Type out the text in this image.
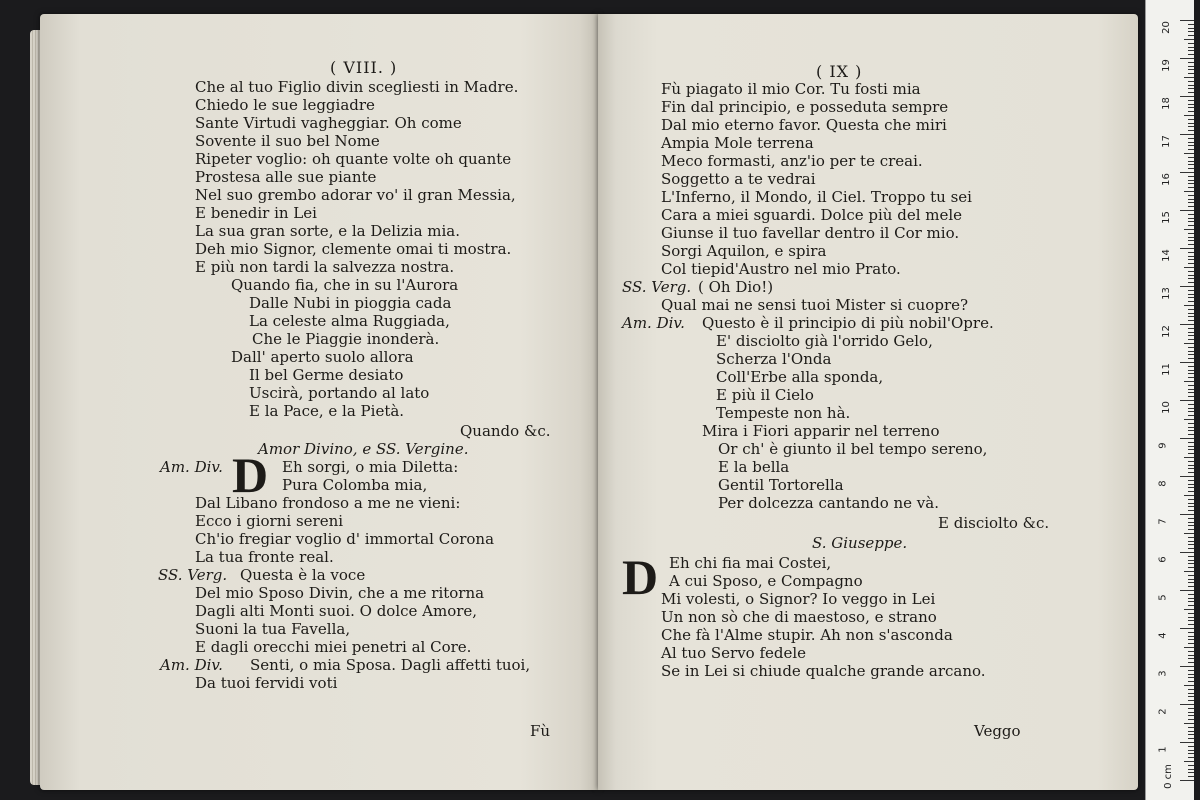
( VIII. )
Che al tuo Figlio divin scegliesti in Madre.
Chiedo le sue leggiadre
Sante Virtudi vagheggiar. Oh come
Sovente il suo bel Nome
Ripeter voglio: oh quante volte oh quante
Prostesa alle sue piante
Nel suo grembo adorar vo' il gran Messia,
E benedir in Lei
La sua gran sorte, e la Delizia mia.
Deh mio Signor, clemente omai ti mostra.
E più non tardi la salvezza nostra.
Quando fia, che in su l'Aurora
Dalle Nubi in pioggia cada
La celeste alma Ruggiada,
Che le Piaggie inonderà.
Dall' aperto suolo allora
Il bel Germe desiato
Uscirà, portando al lato
E la Pace, e la Pietà.
Quando &c.
Amor Divino, e SS. Vergine.
Am. Div. D Eh sorgi, o mia Diletta:
Pura Colomba mia,
Dal Libano frondoso a me ne vieni:
Ecco i giorni sereni
Ch'io fregiar voglio d' immortal Corona
La tua fronte real.
SS. Verg. Questa è la voce
Del mio Sposo Divin, che a me ritorna
Dagli alti Monti suoi. O dolce Amore,
Suoni la tua Favella,
E dagli orecchi miei penetri al Core.
Am. Div. Senti, o mia Sposa. Dagli affetti tuoi,
Da tuoi fervidi voti
Fù
( IX )
Fù piagato il mio Cor. Tu fosti mia
Fin dal principio, e posseduta sempre
Dal mio eterno favor. Questa che miri
Ampia Mole terrena
Meco formasti, anz'io per te creai.
Soggetto a te vedrai
L'Inferno, il Mondo, il Ciel. Troppo tu sei
Cara a miei sguardi. Dolce più del mele
Giunse il tuo favellar dentro il Cor mio.
Sorgi Aquilon, e spira
Col tiepid'Austro nel mio Prato.
SS. Verg. ( Oh Dio!)
Qual mai ne sensi tuoi Mister si cuopre?
Am. Div. Questo è il principio di più nobil'Opre.
E' disciolto già l'orrido Gelo,
Scherza l'Onda
Coll'Erbe alla sponda,
E più il Cielo
Tempeste non hà.
Mira i Fiori apparir nel terreno
Or ch' è giunto il bel tempo sereno,
E la bella
Gentil Tortorella
Per dolcezza cantando ne và.
E disciolto &c.
S. Giuseppe.
D Eh chi fia mai Costei,
A cui Sposo, e Compagno
Mi volesti, o Signor? Io veggo in Lei
Un non sò che di maestoso, e strano
Che fà l'Alme stupir. Ah non s'asconda
Al tuo Servo fedele
Se in Lei si chiude qualche grande arcano.
Veggo
20
19
18
17
16
15
14
13
12
11
10
9
8
7
6
5
4
3
2
1
0 cm
